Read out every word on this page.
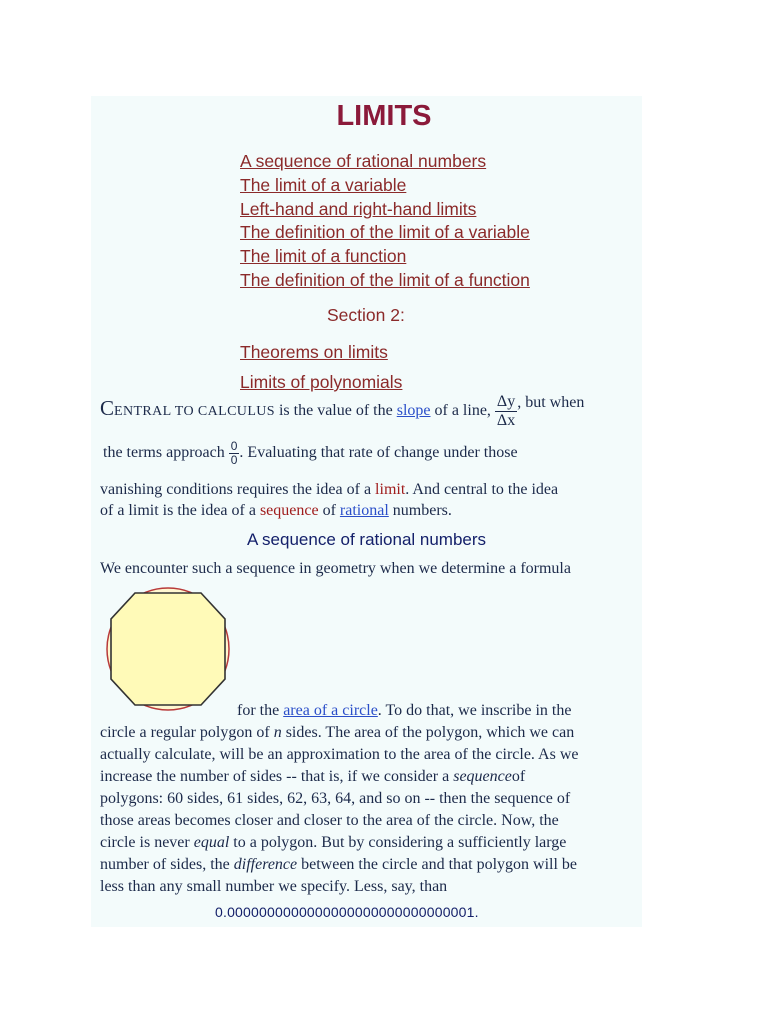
LIMITS
A sequence of rational numbers
The limit of a variable
Left-hand and right-hand limits
The definition of the limit of a variable
The limit of a function
The definition of the limit of a function
Section 2:
Theorems on limits
Limits of polynomials
CENTRAL TO CALCULUS is the value of the slope of a line, $\frac{\Delta y}{\Delta x}$ , but when
the terms approach $\frac{0}{0}$ . Evaluating that rate of change under those
vanishing conditions requires the idea of a limit. And central to the idea
of a limit is the idea of a sequence of rational numbers.
A sequence of rational numbers
We encounter such a sequence in geometry when we determine a formula

for the area of a circle. To do that, we inscribe in the

circle a regular polygon of n sides. The area of the polygon, which we can

actually calculate, will be an approximation to the area of the circle. As we

increase the number of sides -- that is, if we consider a sequenceof

polygons: 60 sides, 61 sides, 62, 63, 64, and so on -- then the sequence of

those areas becomes closer and closer to the area of the circle. Now, the

circle is never equal to a polygon. But by considering a sufficiently large

number of sides, the difference between the circle and that polygon will be

less than any small number we specify. Less, say, than

0.0000000000000000000000000000001.
